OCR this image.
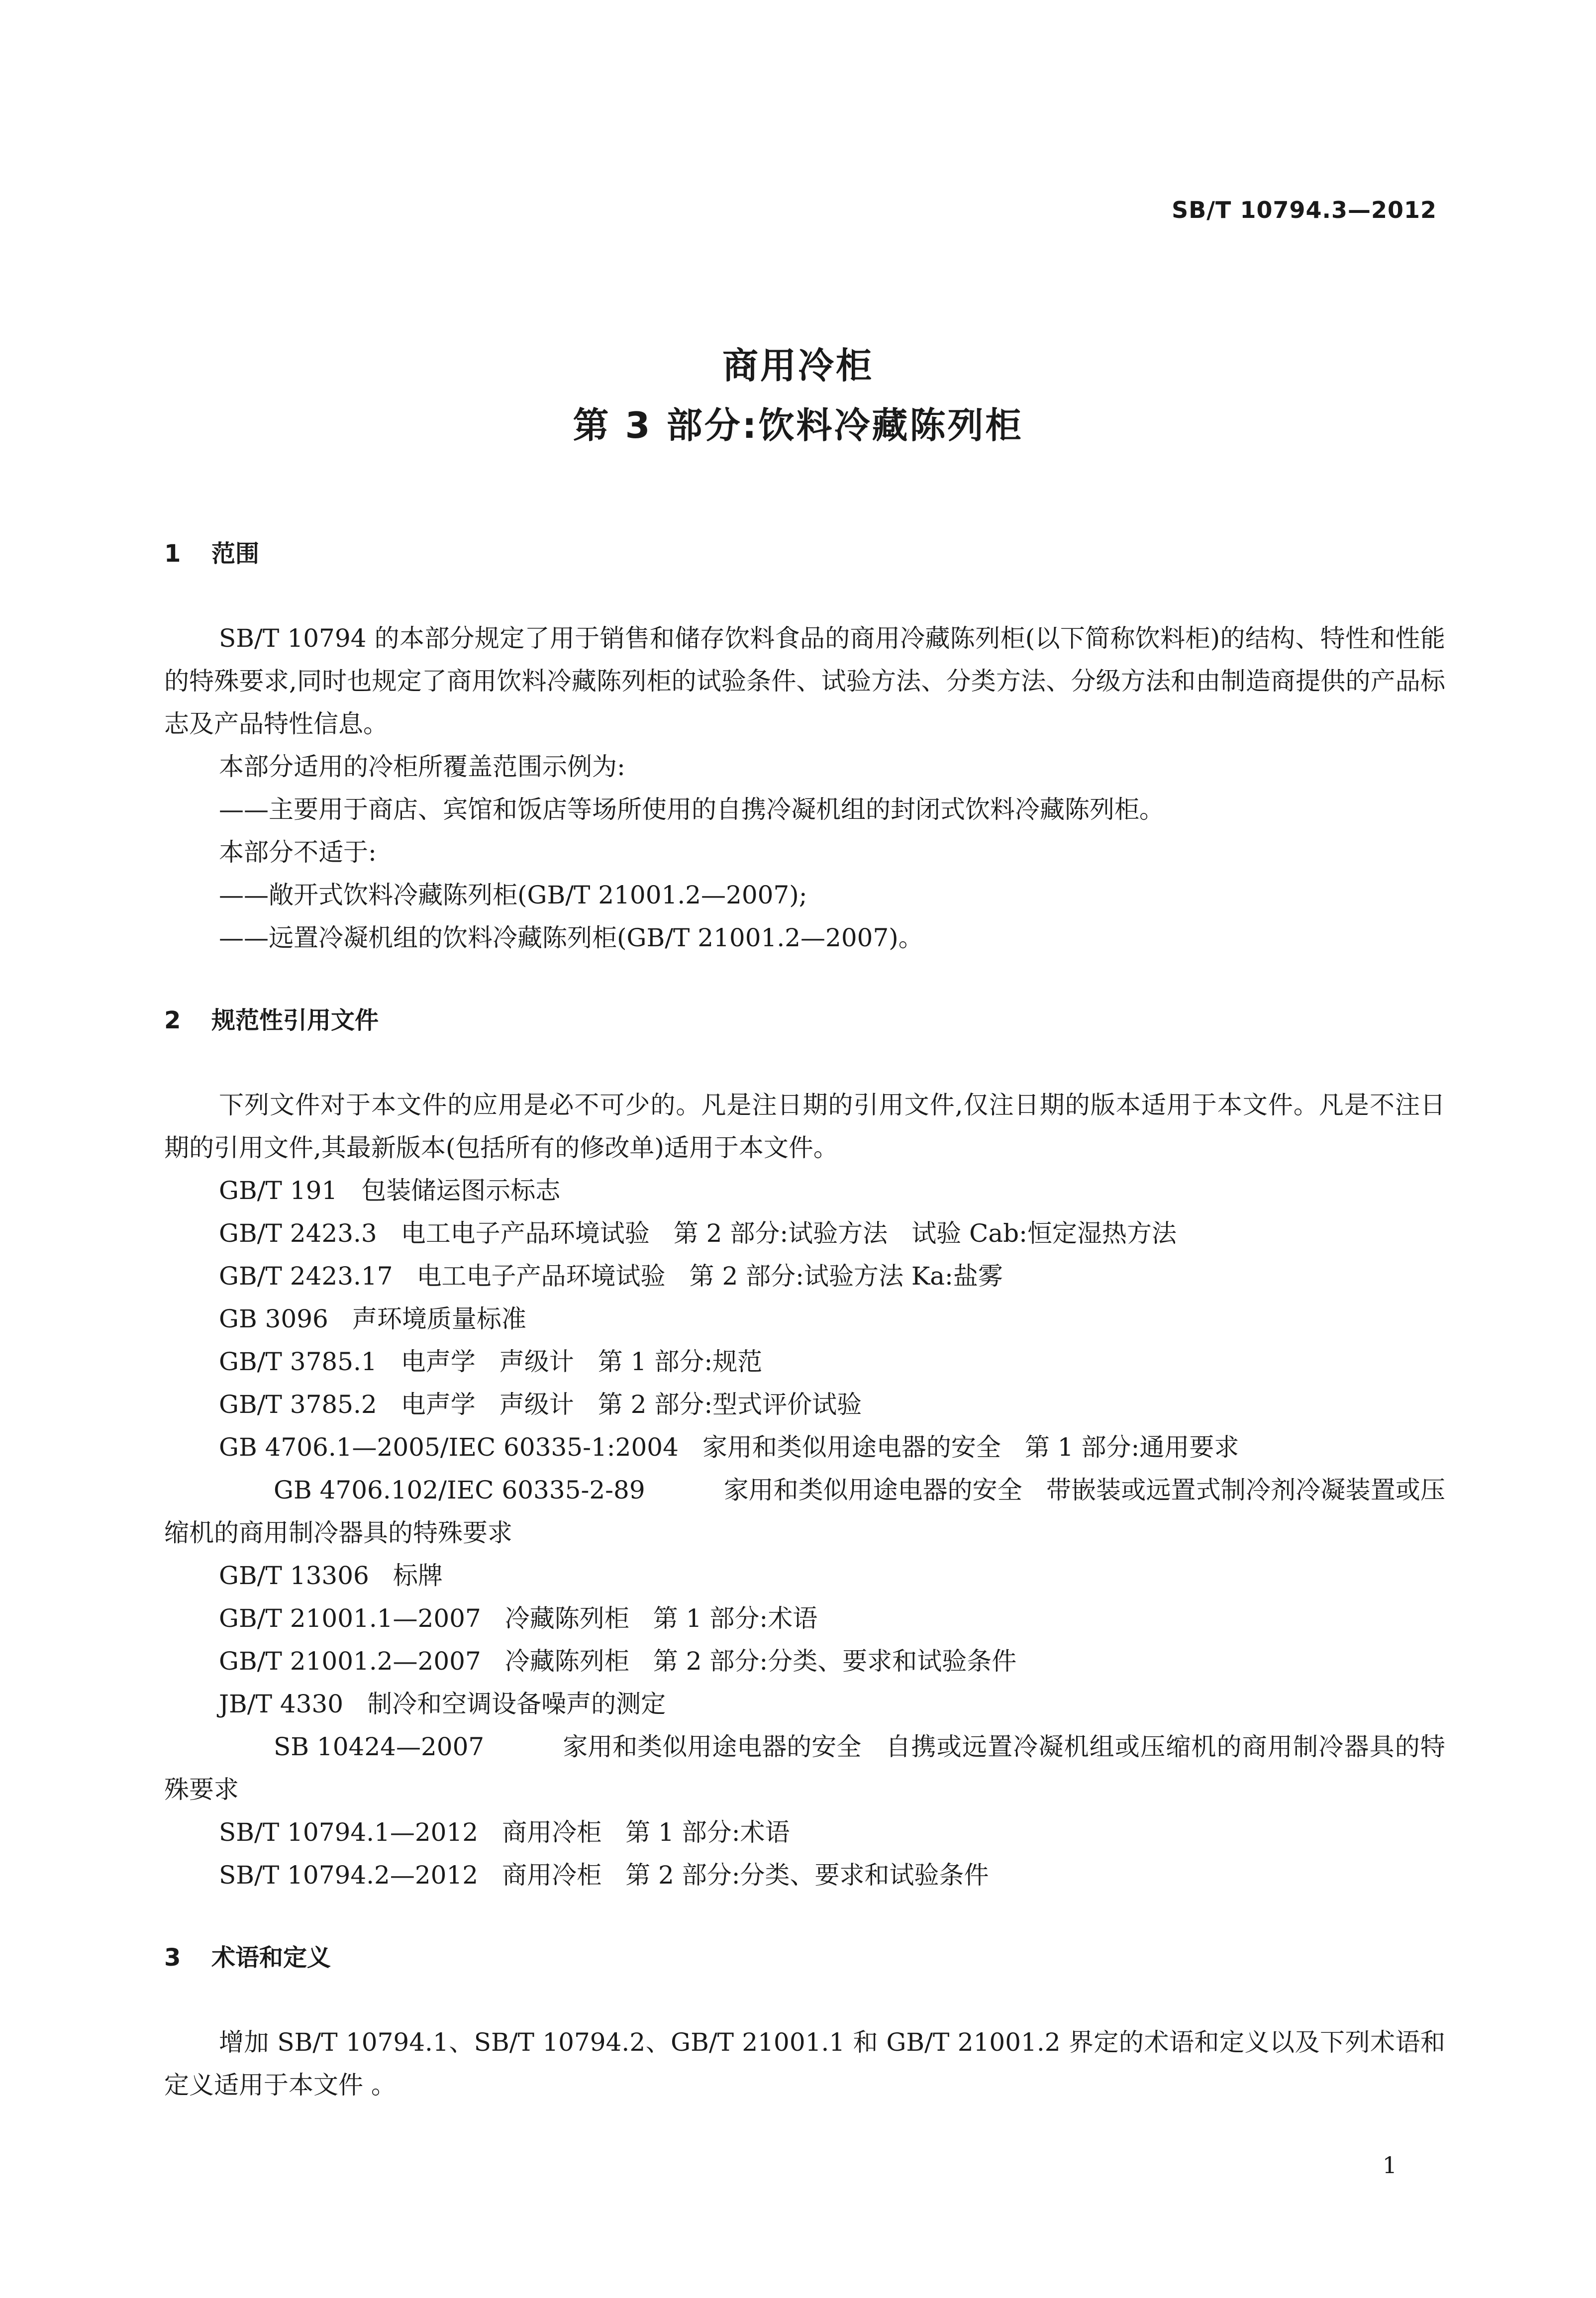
SB/T 10794.3—2012
商用冷柜
第 3 部分:饮料冷藏陈列柜
1 范围

SB/T 10794 的本部分规定了用于销售和储存饮料食品的商用冷藏陈列柜(以下简称饮料柜)的结构、特性和性能的特殊要求,同时也规定了商用饮料冷藏陈列柜的试验条件、试验方法、分类方法、分级方法和由制造商提供的产品标志及产品特性信息。

本部分适用的冷柜所覆盖范围示例为:

——主要用于商店、宾馆和饭店等场所使用的自携冷凝机组的封闭式饮料冷藏陈列柜。

本部分不适于:

——敞开式饮料冷藏陈列柜(GB/T 21001.2—2007);

——远置冷凝机组的饮料冷藏陈列柜(GB/T 21001.2—2007)。

2 规范性引用文件

下列文件对于本文件的应用是必不可少的。凡是注日期的引用文件,仅注日期的版本适用于本文件。凡是不注日期的引用文件,其最新版本(包括所有的修改单)适用于本文件。

GB/T 191 包装储运图示标志

GB/T 2423.3 电工电子产品环境试验 第 2 部分:试验方法 试验 Cab:恒定湿热方法

GB/T 2423.17 电工电子产品环境试验 第 2 部分:试验方法 Ka:盐雾

GB 3096 声环境质量标准

GB/T 3785.1 电声学 声级计 第 1 部分:规范

GB/T 3785.2 电声学 声级计 第 2 部分:型式评价试验

GB 4706.1—2005/IEC 60335-1:2004 家用和类似用途电器的安全 第 1 部分:通用要求

GB 4706.102/IEC 60335-2-89	家用和类似用途电器的安全 带嵌装或远置式制冷剂冷凝装置或压缩机的商用制冷器具的特殊要求

GB/T 13306 标牌

GB/T 21001.1—2007 冷藏陈列柜 第 1 部分:术语

GB/T 21001.2—2007 冷藏陈列柜 第 2 部分:分类、要求和试验条件

JB/T 4330 制冷和空调设备噪声的测定

SB 10424—2007	家用和类似用途电器的安全 自携或远置冷凝机组或压缩机的商用制冷器具的特殊要求

SB/T 10794.1—2012 商用冷柜 第 1 部分:术语

SB/T 10794.2—2012 商用冷柜 第 2 部分:分类、要求和试验条件

3 术语和定义

增加 SB/T 10794.1、SB/T 10794.2、GB/T 21001.1 和 GB/T 21001.2 界定的术语和定义以及下列术语和定义适用于本文件 。

1
